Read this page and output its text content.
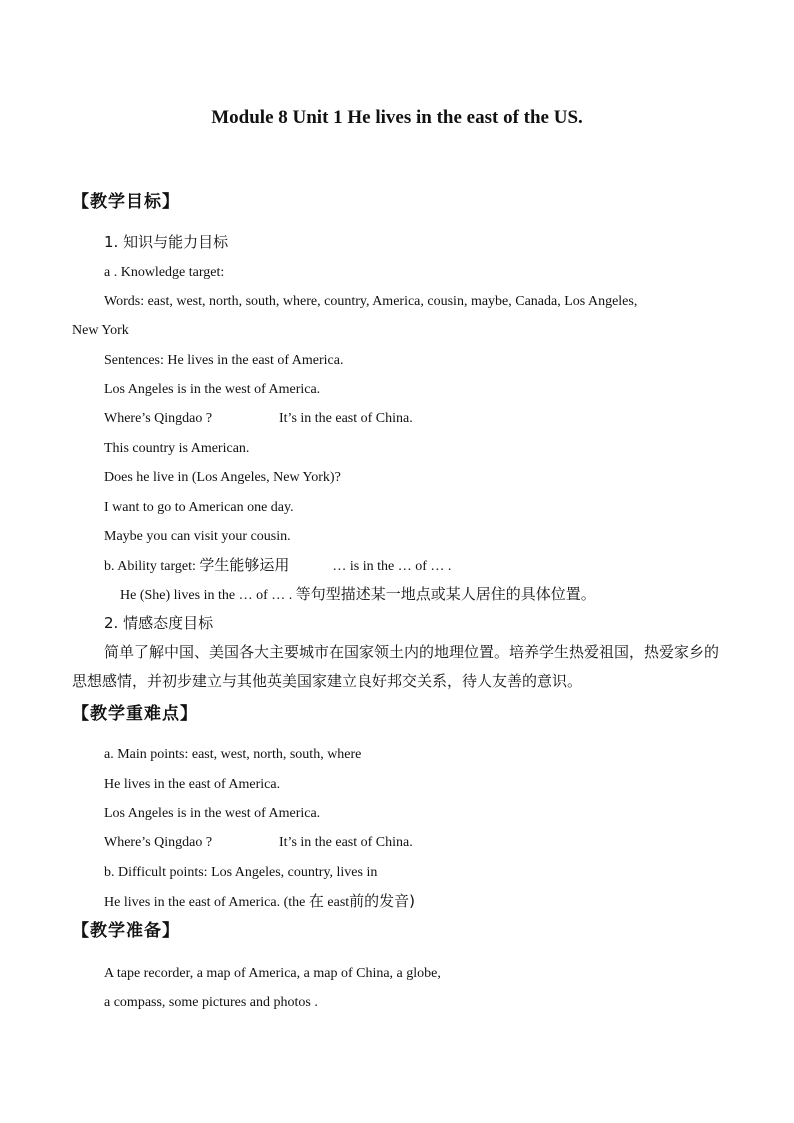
Module 8 Unit 1 He lives in the east of the US.
【教学目标】
1. 知识与能力目标
a . Knowledge target:
Words: east, west, north, south, where, country, America, cousin, maybe, Canada, Los Angeles,
New York
Sentences: He lives in the east of America.
Los Angeles is in the west of America.
Where’s Qingdao ?	It’s in the east of China.
This country is American.
Does he live in (Los Angeles, New York)?
I want to go to American one day.
Maybe you can visit your cousin.
b. Ability target: 学生能够运用	… is in the … of … .
He (She) lives in the … of … . 等句型描述某一地点或某人居住的具体位置。
2. 情感态度目标
简单了解中国、美国各大主要城市在国家领土内的地理位置。培养学生热爱祖国，热爱家乡的思想感情，并初步建立与其他英美国家建立良好邦交关系，待人友善的意识。
【教学重难点】
a. Main points: east, west, north, south, where
He lives in the east of America.
Los Angeles is in the west of America.
Where’s Qingdao ?	It’s in the east of China.
b. Difficult points: Los Angeles, country, lives in
He lives in the east of America. (the 在 east前的发音)
【教学准备】
A tape recorder, a map of America, a map of China, a globe,
a compass, some pictures and photos .
